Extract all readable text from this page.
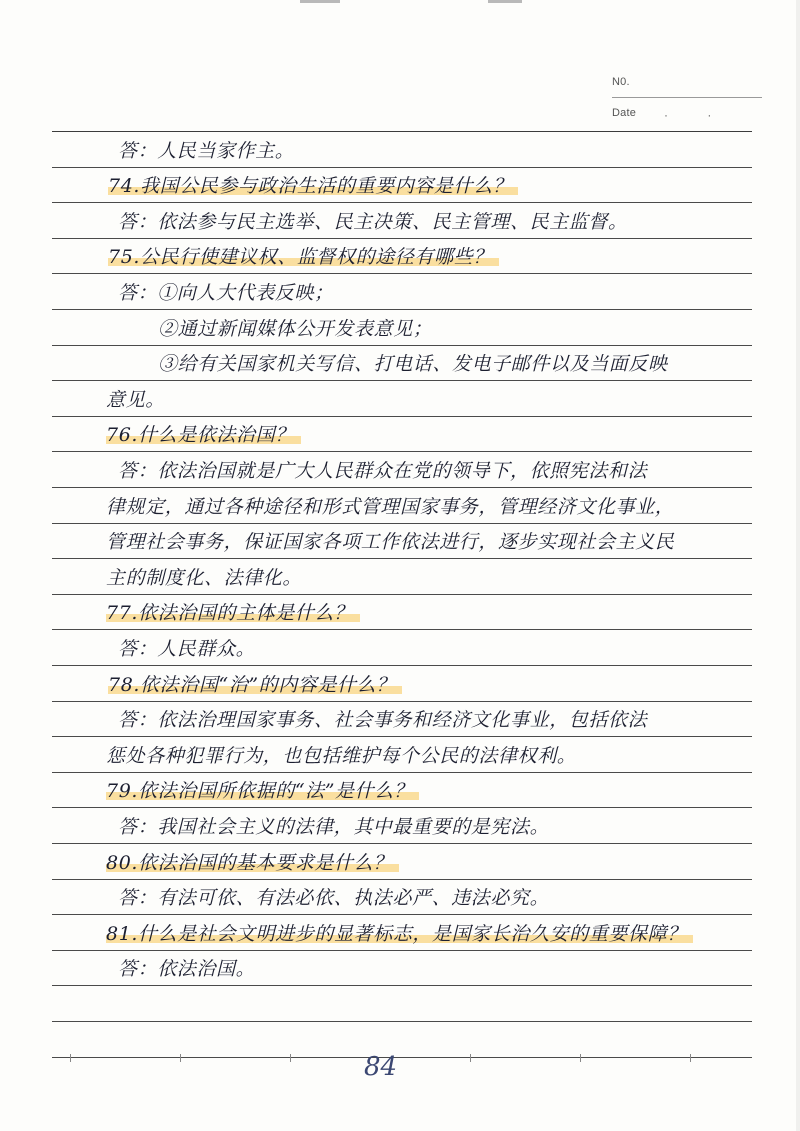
N0.
Date · ·
答：人民当家作主。
74.我国公民参与政治生活的重要内容是什么？
答：依法参与民主选举、民主决策、民主管理、民主监督。
75.公民行使建议权、监督权的途径有哪些？
答：①向人大代表反映；
②通过新闻媒体公开发表意见；
③给有关国家机关写信、打电话、发电子邮件以及当面反映
意见。
76.什么是依法治国？
答：依法治国就是广大人民群众在党的领导下，依照宪法和法
律规定，通过各种途径和形式管理国家事务，管理经济文化事业，
管理社会事务，保证国家各项工作依法进行，逐步实现社会主义民
主的制度化、法律化。
77.依法治国的主体是什么？
答：人民群众。
78.依法治国“治”的内容是什么？
答：依法治理国家事务、社会事务和经济文化事业，包括依法
惩处各种犯罪行为，也包括维护每个公民的法律权利。
79.依法治国所依据的“法”是什么？
答：我国社会主义的法律，其中最重要的是宪法。
80.依法治国的基本要求是什么？
答：有法可依、有法必依、执法必严、违法必究。
81.什么是社会文明进步的显著标志，是国家长治久安的重要保障？
答：依法治国。
84
